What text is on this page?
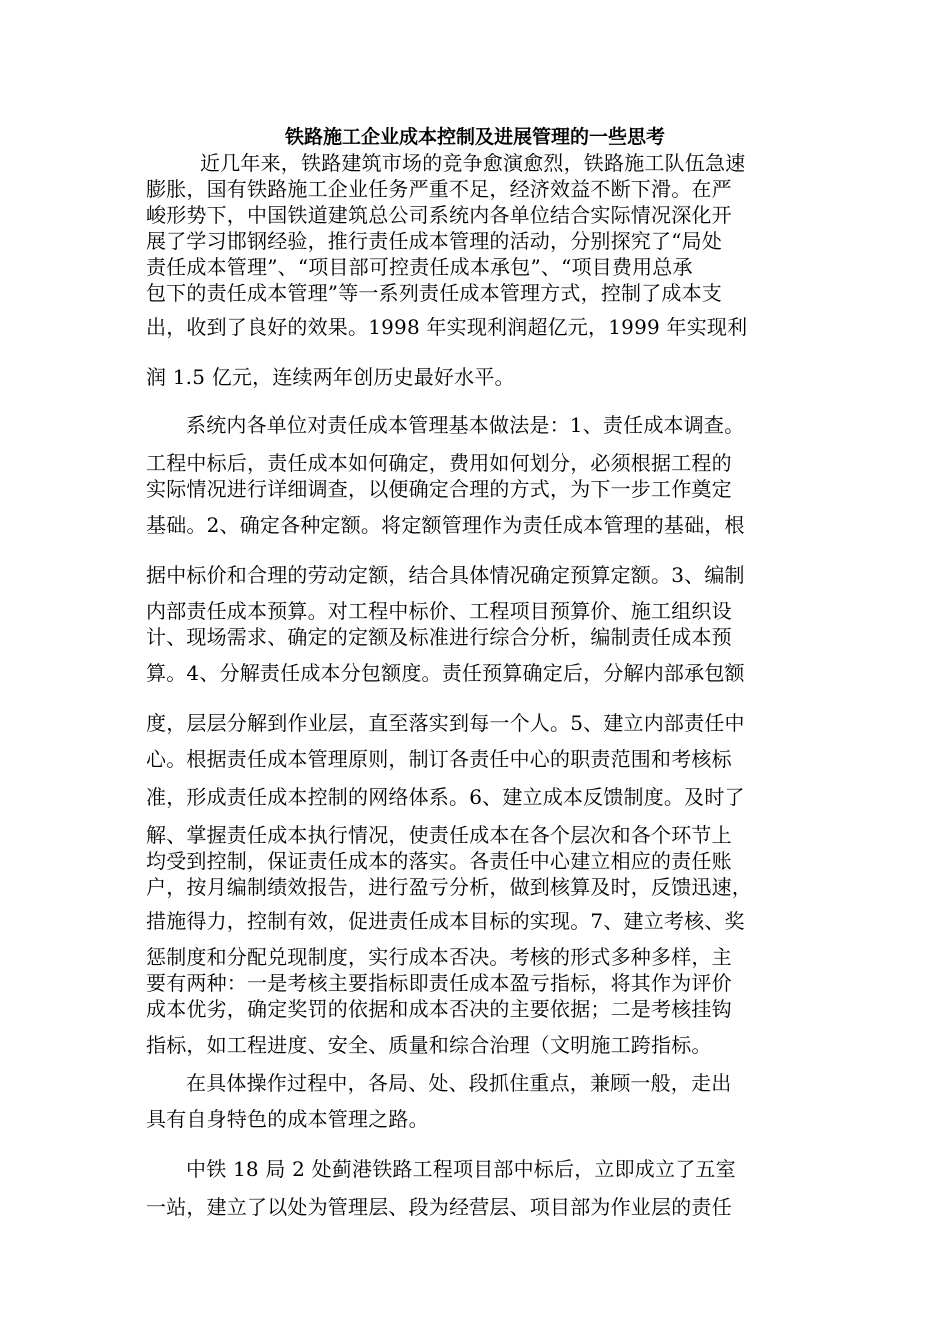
铁路施工企业成本控制及进展管理的一些思考
近几年来，铁路建筑市场的竞争愈演愈烈，铁路施工队伍急速
膨胀，国有铁路施工企业任务严重不足，经济效益不断下滑。在严
峻形势下，中国铁道建筑总公司系统内各单位结合实际情况深化开
展了学习邯钢经验，推行责任成本管理的活动，分别探究了“局处
责任成本管理”、“项目部可控责任成本承包”、“项目费用总承
包下的责任成本管理”等一系列责任成本管理方式，控制了成本支
出，收到了良好的效果。1998 年实现利润超亿元，1999 年实现利
润 1.5 亿元，连续两年创历史最好水平。
系统内各单位对责任成本管理基本做法是：1、责任成本调查。
工程中标后，责任成本如何确定，费用如何划分，必须根据工程的
实际情况进行详细调查，以便确定合理的方式，为下一步工作奠定
基础。2、确定各种定额。将定额管理作为责任成本管理的基础，根
据中标价和合理的劳动定额，结合具体情况确定预算定额。3、编制
内部责任成本预算。对工程中标价、工程项目预算价、施工组织设
计、现场需求、确定的定额及标准进行综合分析，编制责任成本预
算。4、分解责任成本分包额度。责任预算确定后，分解内部承包额
度，层层分解到作业层，直至落实到每一个人。5、建立内部责任中
心。根据责任成本管理原则，制订各责任中心的职责范围和考核标
准，形成责任成本控制的网络体系。6、建立成本反馈制度。及时了
解、掌握责任成本执行情况，使责任成本在各个层次和各个环节上
均受到控制，保证责任成本的落实。各责任中心建立相应的责任账
户，按月编制绩效报告，进行盈亏分析，做到核算及时，反馈迅速，
措施得力，控制有效，促进责任成本目标的实现。7、建立考核、奖
惩制度和分配兑现制度，实行成本否决。考核的形式多种多样，主
要有两种：一是考核主要指标即责任成本盈亏指标，将其作为评价
成本优劣，确定奖罚的依据和成本否决的主要依据；二是考核挂钩
指标，如工程进度、安全、质量和综合治理（文明施工跨指标。
在具体操作过程中，各局、处、段抓住重点，兼顾一般，走出
具有自身特色的成本管理之路。
中铁 18 局 2 处蓟港铁路工程项目部中标后，立即成立了五室
一站，建立了以处为管理层、段为经营层、项目部为作业层的责任
